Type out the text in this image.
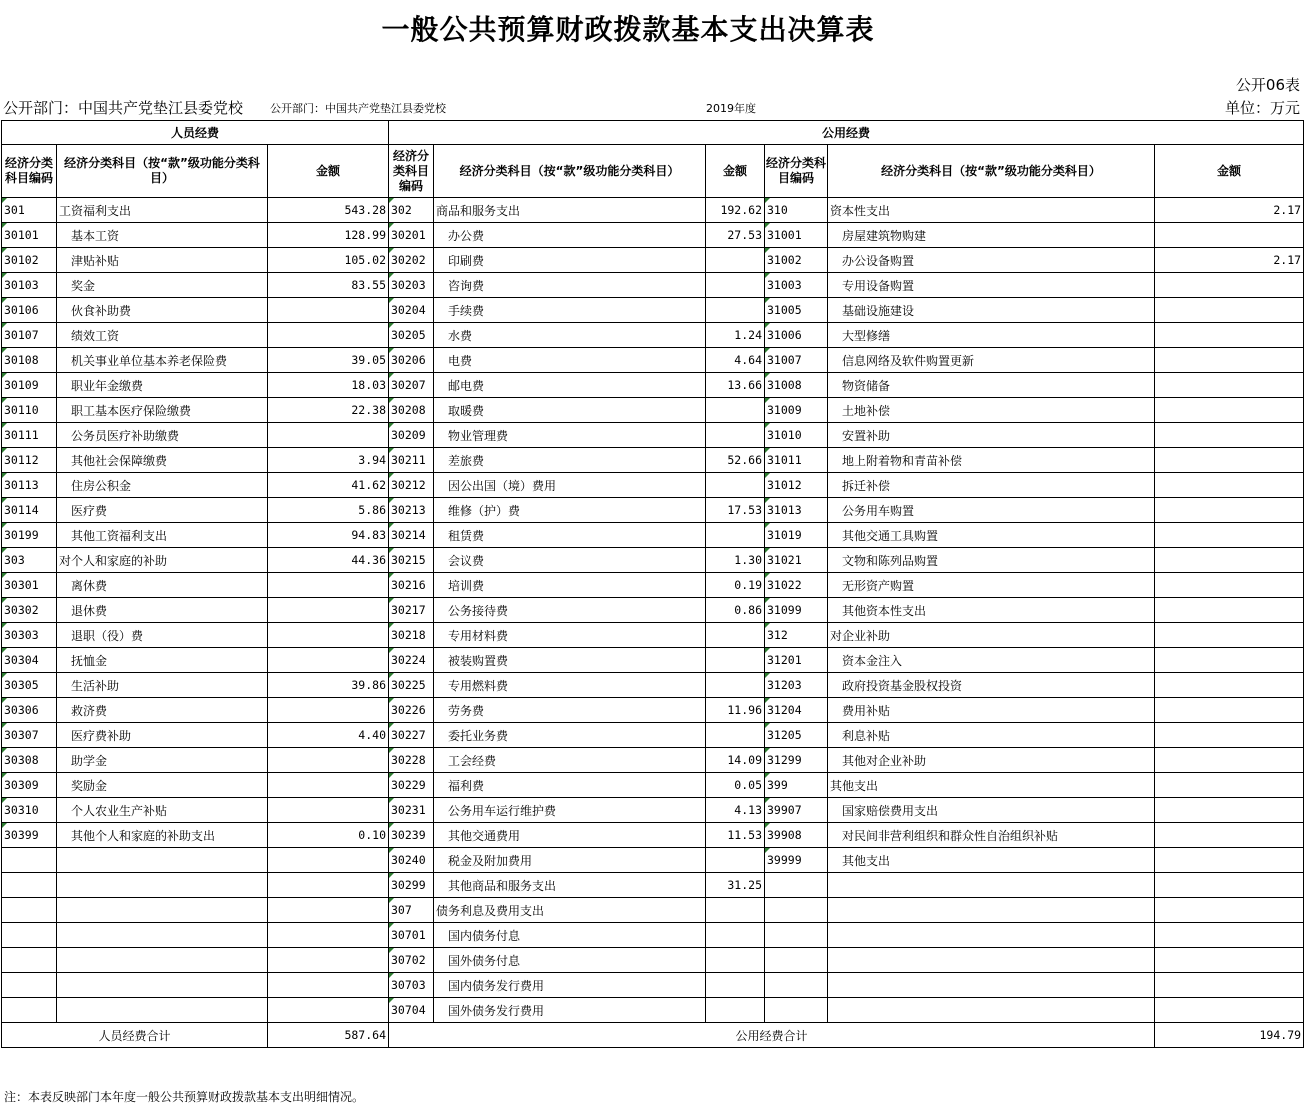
一般公共预算财政拨款基本支出决算表
公开06表
公开部门：中国共产党垫江县委党校 公开部门：中国共产党垫江县委党校	2019年度	单位：万元
人员经费			公用经费					
经济分类科目编码	经济分类科目（按“款”级功能分类科目）	金额	经济分类科目编码	经济分类科目（按“款”级功能分类科目）	金额	经济分类科目编码	经济分类科目（按“款”级功能分类科目）	金额
301	工资福利支出	543.28	302	商品和服务支出	192.62	310	资本性支出	2.17
30101	基本工资	128.99	30201	办公费	27.53	31001	房屋建筑物购建	
30102	津贴补贴	105.02	30202	印刷费		31002	办公设备购置	2.17
30103	奖金	83.55	30203	咨询费		31003	专用设备购置	
30106	伙食补助费		30204	手续费		31005	基础设施建设	
30107	绩效工资		30205	水费	1.24	31006	大型修缮	
30108	机关事业单位基本养老保险费	39.05	30206	电费	4.64	31007	信息网络及软件购置更新	
30109	职业年金缴费	18.03	30207	邮电费	13.66	31008	物资储备	
30110	职工基本医疗保险缴费	22.38	30208	取暖费		31009	土地补偿	
30111	公务员医疗补助缴费		30209	物业管理费		31010	安置补助	
30112	其他社会保障缴费	3.94	30211	差旅费	52.66	31011	地上附着物和青苗补偿	
30113	住房公积金	41.62	30212	因公出国（境）费用		31012	拆迁补偿	
30114	医疗费	5.86	30213	维修（护）费	17.53	31013	公务用车购置	
30199	其他工资福利支出	94.83	30214	租赁费		31019	其他交通工具购置	
303	对个人和家庭的补助	44.36	30215	会议费	1.30	31021	文物和陈列品购置	
30301	离休费		30216	培训费	0.19	31022	无形资产购置	
30302	退休费		30217	公务接待费	0.86	31099	其他资本性支出	
30303	退职（役）费		30218	专用材料费		312	对企业补助	
30304	抚恤金		30224	被装购置费		31201	资本金注入	
30305	生活补助	39.86	30225	专用燃料费		31203	政府投资基金股权投资	
30306	救济费		30226	劳务费	11.96	31204	费用补贴	
30307	医疗费补助	4.40	30227	委托业务费		31205	利息补贴	
30308	助学金		30228	工会经费	14.09	31299	其他对企业补助	
30309	奖励金		30229	福利费	0.05	399	其他支出	
30310	个人农业生产补贴		30231	公务用车运行维护费	4.13	39907	国家赔偿费用支出	
30399	其他个人和家庭的补助支出	0.10	30239	其他交通费用	11.53	39908	对民间非营利组织和群众性自治组织补贴	
			30240	税金及附加费用		39999	其他支出	
			30299	其他商品和服务支出	31.25			
			307	债务利息及费用支出				
			30701	国内债务付息				
			30702	国外债务付息				
			30703	国内债务发行费用				
			30704	国外债务发行费用				
人员经费合计		587.64	公用经费合计					194.79
注：本表反映部门本年度一般公共预算财政拨款基本支出明细情况。
